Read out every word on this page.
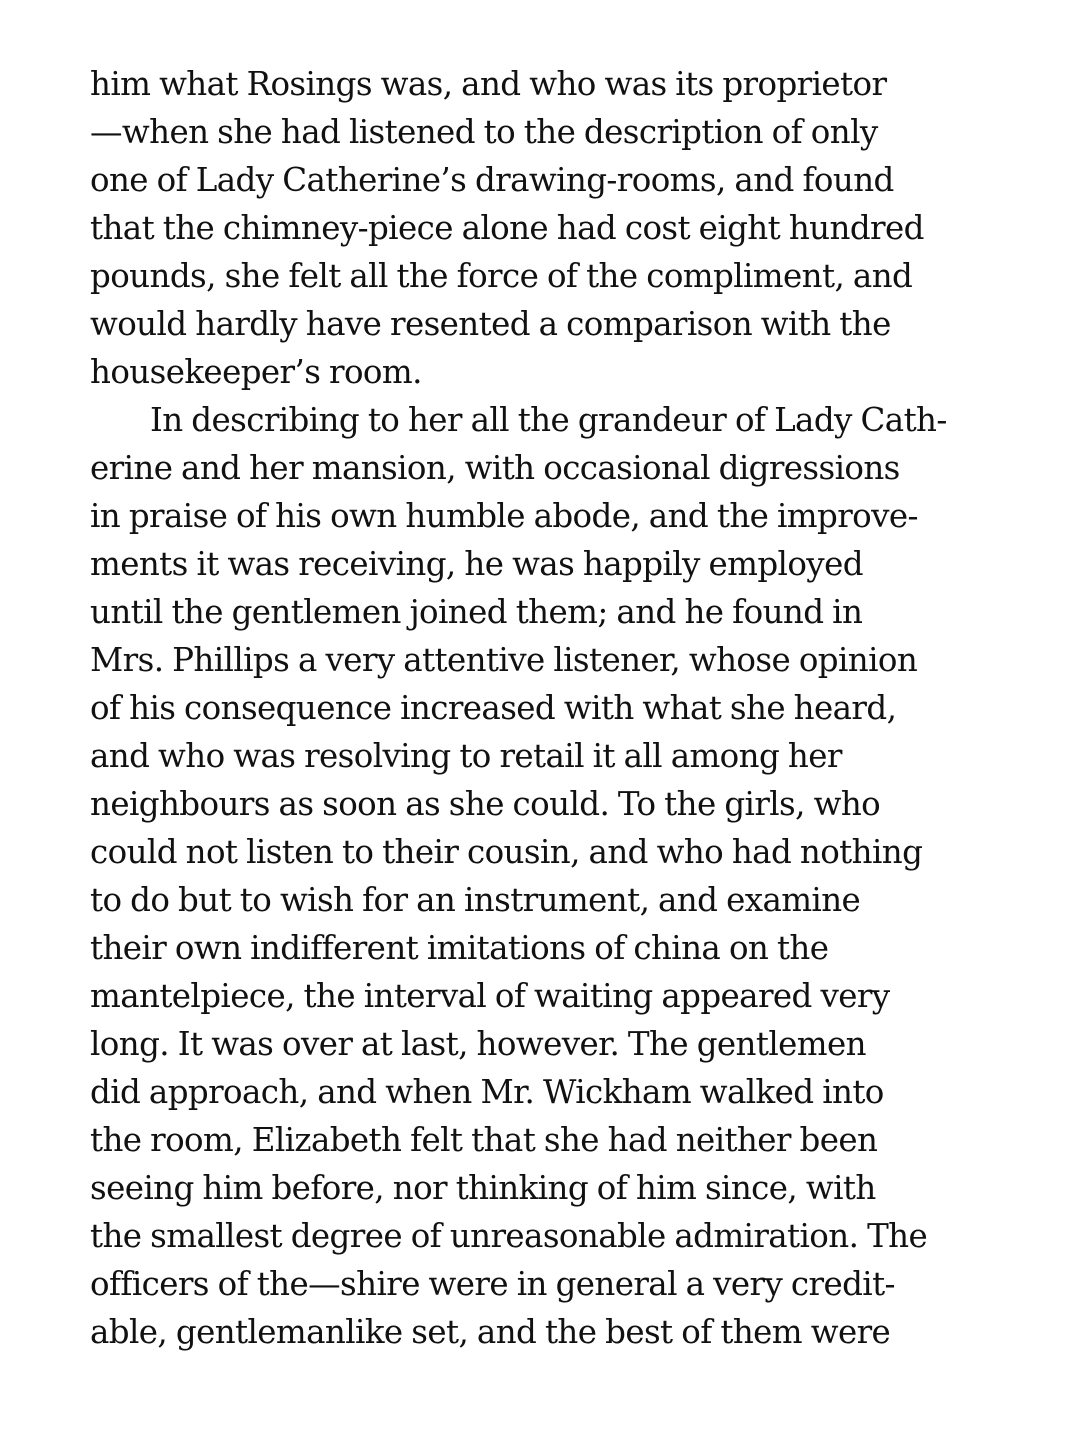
him what Rosings was, and who was its proprietor
—when she had listened to the description of only
one of Lady Catherine’s drawing-rooms, and found
that the chimney-piece alone had cost eight hundred
pounds, she felt all the force of the compliment, and
would hardly have resented a comparison with the
housekeeper’s room.
In describing to her all the grandeur of Lady Cath-
erine and her mansion, with occasional digressions
in praise of his own humble abode, and the improve-
ments it was receiving, he was happily employed
until the gentlemen joined them; and he found in
Mrs. Phillips a very attentive listener, whose opinion
of his consequence increased with what she heard,
and who was resolving to retail it all among her
neighbours as soon as she could. To the girls, who
could not listen to their cousin, and who had nothing
to do but to wish for an instrument, and examine
their own indifferent imitations of china on the
mantelpiece, the interval of waiting appeared very
long. It was over at last, however. The gentlemen
did approach, and when Mr. Wickham walked into
the room, Elizabeth felt that she had neither been
seeing him before, nor thinking of him since, with
the smallest degree of unreasonable admiration. The
officers of the—shire were in general a very credit-
able, gentlemanlike set, and the best of them were
